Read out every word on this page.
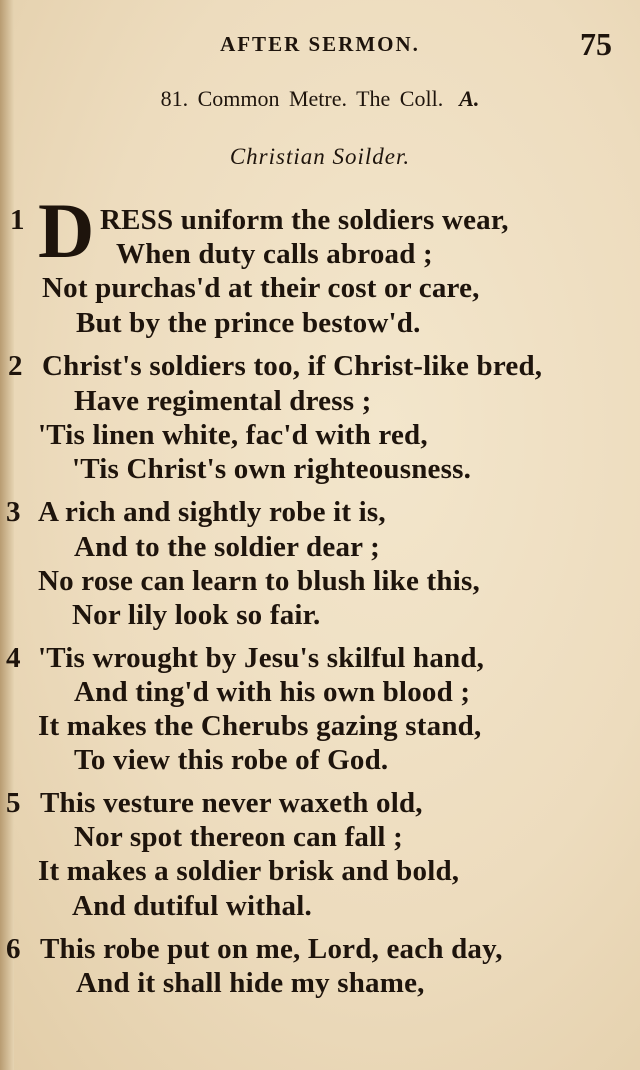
AFTER SERMON.	75
81. Common Metre. The Coll. A.
Christian Soilder.
1 D RESS uniform the soldiers wear,
When duty calls abroad ;
Not purchas'd at their cost or care,
But by the prince bestow'd.
2 Christ's soldiers too, if Christ-like bred,
Have regimental dress ;
'Tis linen white, fac'd with red,
'Tis Christ's own righteousness.
3 A rich and sightly robe it is,
And to the soldier dear ;
No rose can learn to blush like this,
Nor lily look so fair.
4 'Tis wrought by Jesu's skilful hand,
And ting'd with his own blood ;
It makes the Cherubs gazing stand,
To view this robe of God.
5 This vesture never waxeth old,
Nor spot thereon can fall ;
It makes a soldier brisk and bold,
And dutiful withal.
6 This robe put on me, Lord, each day,
And it shall hide my shame,
